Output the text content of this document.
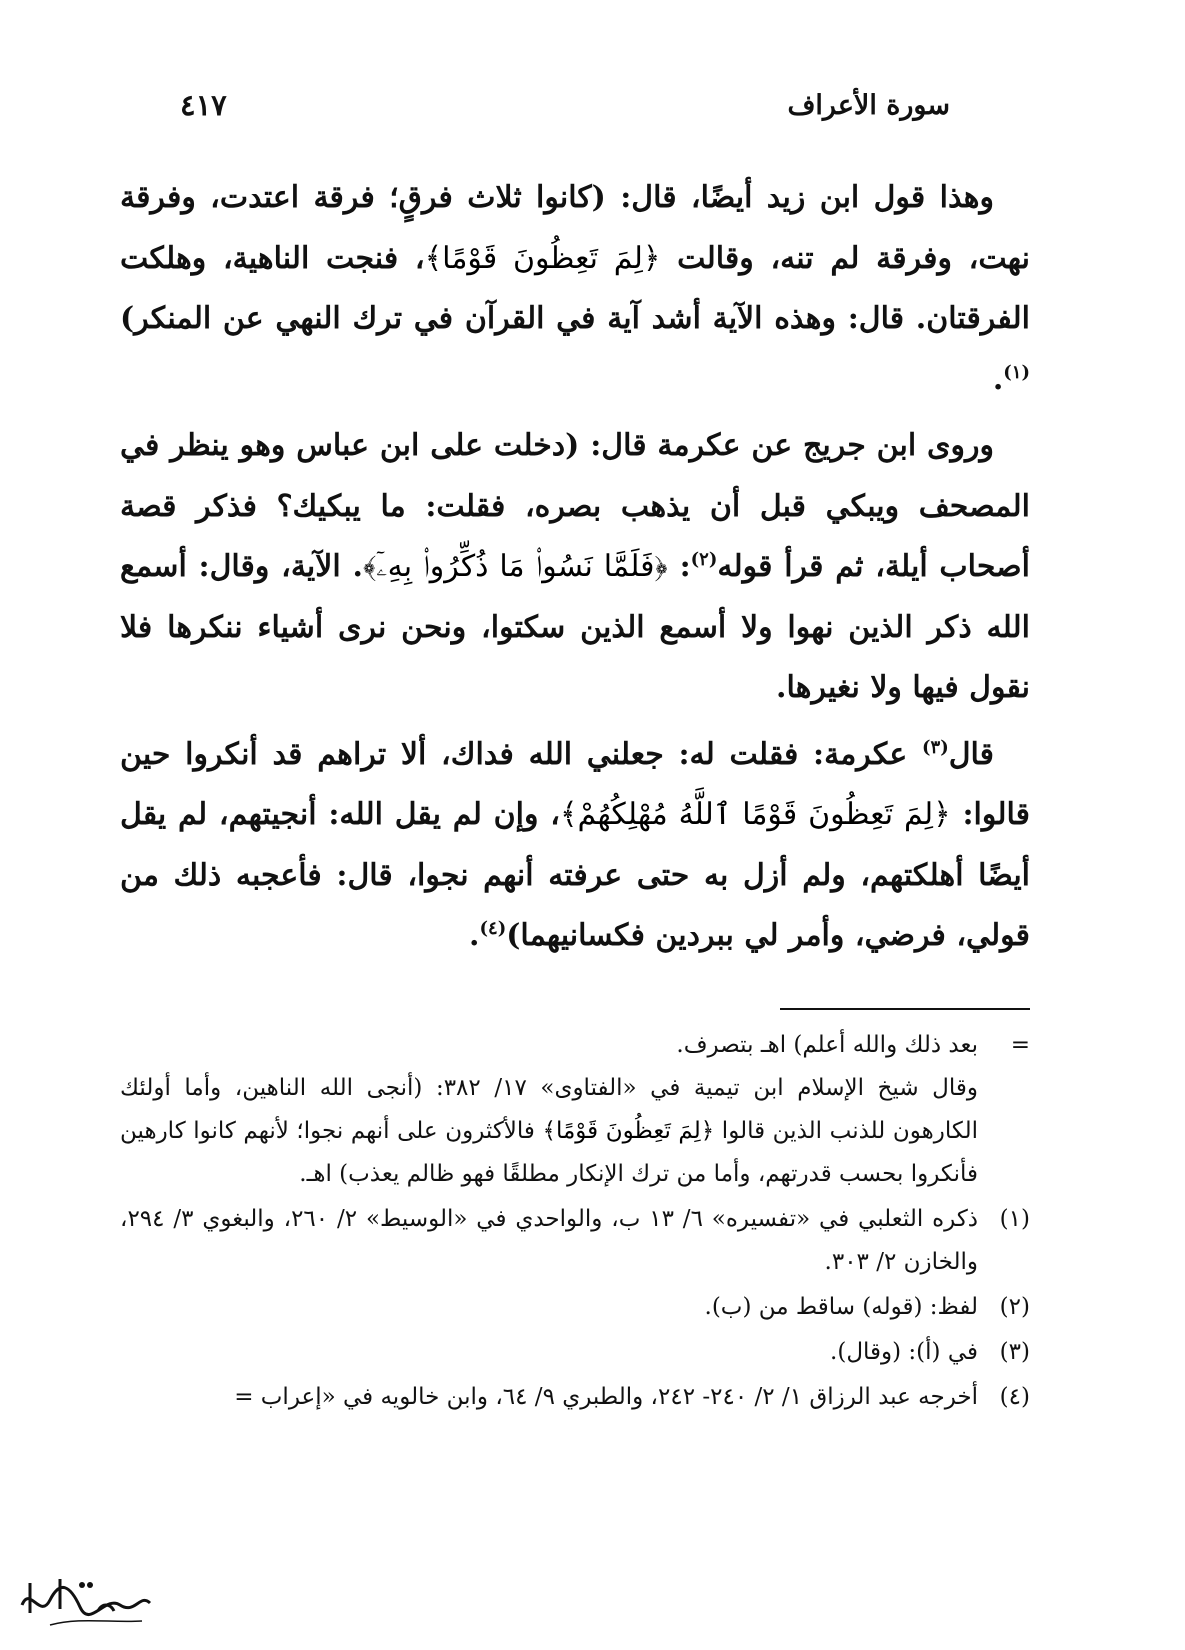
سورة الأعراف
٤١٧

وهذا قول ابن زيد أيضًا، قال: (كانوا ثلاث فرقٍ؛ فرقة اعتدت، وفرقة نهت، وفرقة لم تنه، وقالت ﴿لِمَ تَعِظُونَ قَوْمًا﴾، فنجت الناهية، وهلكت الفرقتان. قال: وهذه الآية أشد آية في القرآن في ترك النهي عن المنكر)$^{(١)}$.

وروى ابن جريج عن عكرمة قال: (دخلت على ابن عباس وهو ينظر في المصحف ويبكي قبل أن يذهب بصره، فقلت: ما يبكيك؟ فذكر قصة أصحاب أيلة، ثم قرأ قوله$^{(٢)}$: ﴿فَلَمَّا نَسُوا۟ مَا ذُكِّرُوا۟ بِهِۦٓ﴾. الآية، وقال: أسمع الله ذكر الذين نهوا ولا أسمع الذين سكتوا، ونحن نرى أشياء ننكرها فلا نقول فيها ولا نغيرها.

قال$^{(٣)}$ عكرمة: فقلت له: جعلني الله فداك، ألا تراهم قد أنكروا حين قالوا: ﴿لِمَ تَعِظُونَ قَوْمًا ٱللَّهُ مُهْلِكُهُمْ﴾، وإن لم يقل الله: أنجيتهم، لم يقل أيضًا أهلكتهم، ولم أزل به حتى عرفته أنهم نجوا، قال: فأعجبه ذلك من قولي، فرضي، وأمر لي ببردين فكسانيهما)$^{(٤)}$.

=
بعد ذلك والله أعلم) اهـ بتصرف.
وقال شيخ الإسلام ابن تيمية في «الفتاوى» ١٧/ ٣٨٢: (أنجى الله الناهين، وأما أولئك الكارهون للذنب الذين قالوا ﴿لِمَ تَعِظُونَ قَوْمًا﴾ فالأكثرون على أنهم نجوا؛ لأنهم كانوا كارهين فأنكروا بحسب قدرتهم، وأما من ترك الإنكار مطلقًا فهو ظالم يعذب) اهـ.
(١)
ذكره الثعلبي في «تفسيره» ٦/ ١٣ ب، والواحدي في «الوسيط» ٢/ ٢٦٠، والبغوي ٣/ ٢٩٤، والخازن ٢/ ٣٠٣.
(٢)
لفظ: (قوله) ساقط من (ب).
(٣)
في (أ): (وقال).
(٤)
أخرجه عبد الرزاق ١/ ٢/ ٢٤٠- ٢٤٢، والطبري ٩/ ٦٤، وابن خالويه في «إعراب =
